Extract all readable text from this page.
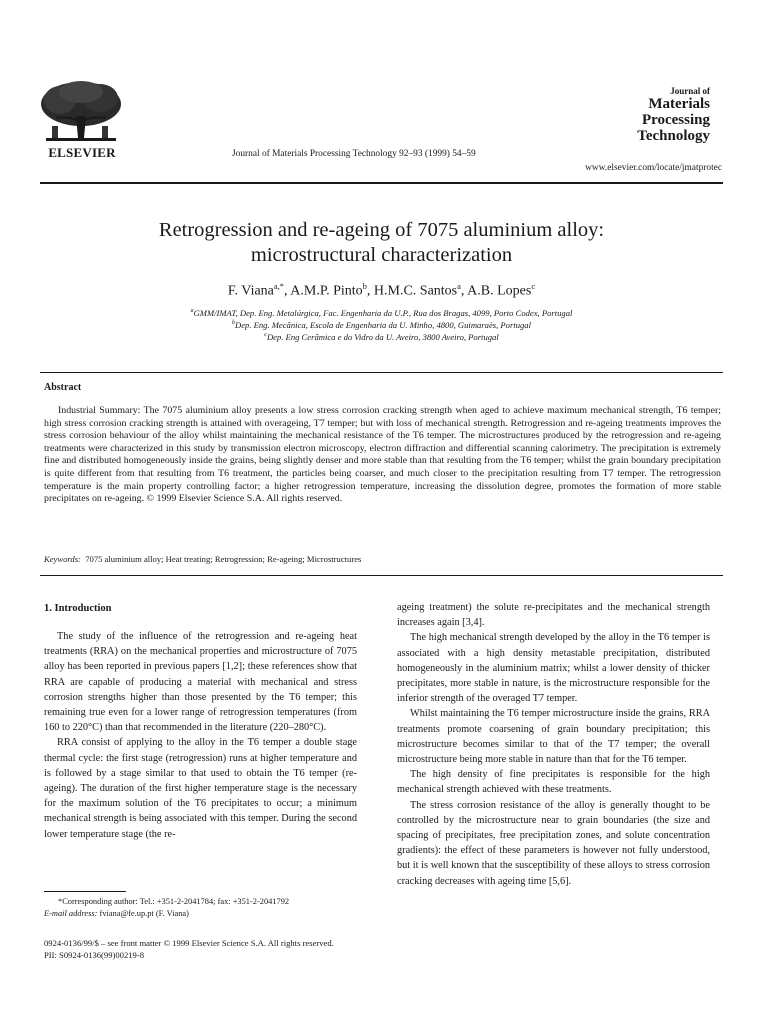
ELSEVIER	Journal of Materials Processing Technology 92–93 (1999) 54–59
Journal of
Materials
Processing
Technology
www.elsevier.com/locate/jmatprotec
Retrogression and re-ageing of 7075 aluminium alloy:
microstructural characterization
F. Viana$^{a,*}$, A.M.P. Pinto$^b$, H.M.C. Santos$^a$, A.B. Lopes$^c$
$^a$GMM/IMAT, Dep. Eng. Metalúrgica, Fac. Engenharia da U.P., Rua dos Bragas, 4099, Porto Codex, Portugal
$^b$Dep. Eng. Mecânica, Escola de Engenharia da U. Minho, 4800, Guimaraès, Portugal
$^c$Dep. Eng Cerâmica e do Vidro da U. Aveiro, 3800 Aveiro, Portugal
Abstract
Industrial Summary: The 7075 aluminium alloy presents a low stress corrosion cracking strength when aged to achieve maximum mechanical strength, T6 temper; high stress corrosion cracking strength is attained with overageing, T7 temper; but with loss of mechanical strength. Retrogression and re-ageing treatments improves the stress corrosion behaviour of the alloy whilst maintaining the mechanical resistance of the T6 temper. The microstructures produced by the retrogression and re-ageing treatments were characterized in this study by transmission electron microscopy, electron diffraction and differential scanning calorimetry. The precipitation is extremely fine and distributed homogeneously inside the grains, being slightly denser and more stable than that resulting from the T6 temper; whilst the grain boundary precipitation is quite different from that resulting from T6 treatment, the particles being coarser, and much closer to the precipitation resulting from T7 temper. The retrogression temperature is the main property controlling factor; a higher retrogression temperature, increasing the dissolution degree, promotes the formation of more stable precipitates on re-ageing. © 1999 Elsevier Science S.A. All rights reserved.
Keywords: 7075 aluminium alloy; Heat treating; Retrogression; Re-ageing; Microstructures
1. Introduction

The study of the influence of the retrogression and re-ageing heat treatments (RRA) on the mechanical properties and microstructure of 7075 alloy has been reported in previous papers [1,2]; these references show that RRA are capable of producing a material with mechanical and stress corrosion strengths higher than those presented by the T6 temper; this remaining true even for a lower range of retrogression temperatures (from 160 to 220°C) than that recommended in the literature (220–280°C).

RRA consist of applying to the alloy in the T6 temper a double stage thermal cycle: the first stage (retrogression) runs at higher temperature and is followed by a stage similar to that used to obtain the T6 temper (re-ageing). The duration of the first higher temperature stage is the necessary for the maximum solution of the T6 precipitates to occur; a minimum mechanical strength is being associated with this temper. During the second lower temperature stage (the re-

ageing treatment) the solute re-precipitates and the mechanical strength increases again [3,4].

The high mechanical strength developed by the alloy in the T6 temper is associated with a high density metastable precipitation, distributed homogeneously in the aluminium matrix; whilst a lower density of thicker precipitates, more stable in nature, is the microstructure responsible for the inferior strength of the overaged T7 temper.

Whilst maintaining the T6 temper microstructure inside the grains, RRA treatments promote coarsening of grain boundary precipitation; this microstructure becomes similar to that of the T7 temper; the overall microstructure being more stable in nature than that for the T6 temper.

The high density of fine precipitates is responsible for the high mechanical strength achieved with these treatments.

The stress corrosion resistance of the alloy is generally thought to be controlled by the microstructure near to grain boundaries (the size and spacing of precipitates, free precipitation zones, and solute concentration gradients): the effect of these parameters is however not fully understood, but it is well known that the susceptibility of these alloys to stress corrosion cracking decreases with ageing time [5,6].

*Corresponding author: Tel.: +351-2-2041784; fax: +351-2-2041792

E-mail address: fviana@fe.up.pt (F. Viana)

0924-0136/99/$ – see front matter © 1999 Elsevier Science S.A. All rights reserved.

PII: S0924-0136(99)00219-8
